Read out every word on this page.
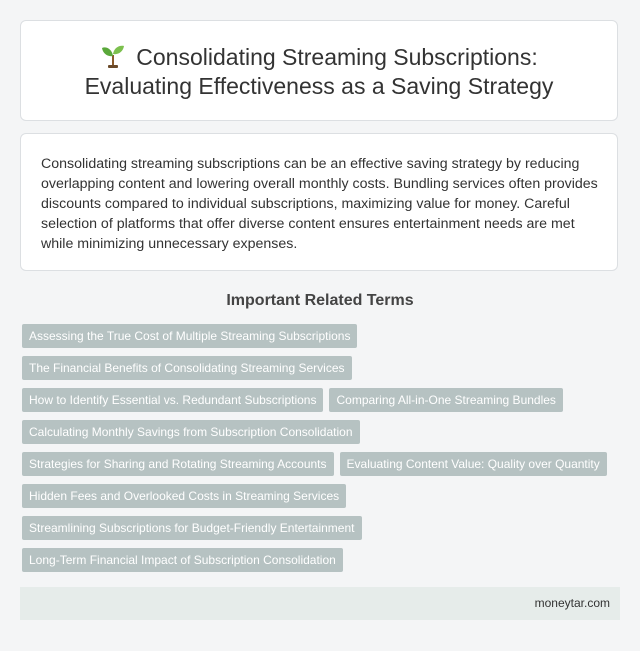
Consolidating Streaming Subscriptions:
Evaluating Effectiveness as a Saving Strategy

Consolidating streaming subscriptions can be an effective saving strategy by reducing overlapping content and lowering overall monthly costs. Bundling services often provides discounts compared to individual subscriptions, maximizing value for money. Careful selection of platforms that offer diverse content ensures entertainment needs are met while minimizing unnecessary expenses.

Important Related Terms
Assessing the True Cost of Multiple Streaming Subscriptions
The Financial Benefits of Consolidating Streaming Services
How to Identify Essential vs. Redundant Subscriptions Comparing All-in-One Streaming Bundles
Calculating Monthly Savings from Subscription Consolidation
Strategies for Sharing and Rotating Streaming Accounts Evaluating Content Value: Quality over Quantity
Hidden Fees and Overlooked Costs in Streaming Services
Streamlining Subscriptions for Budget-Friendly Entertainment
Long-Term Financial Impact of Subscription Consolidation
moneytar.com
